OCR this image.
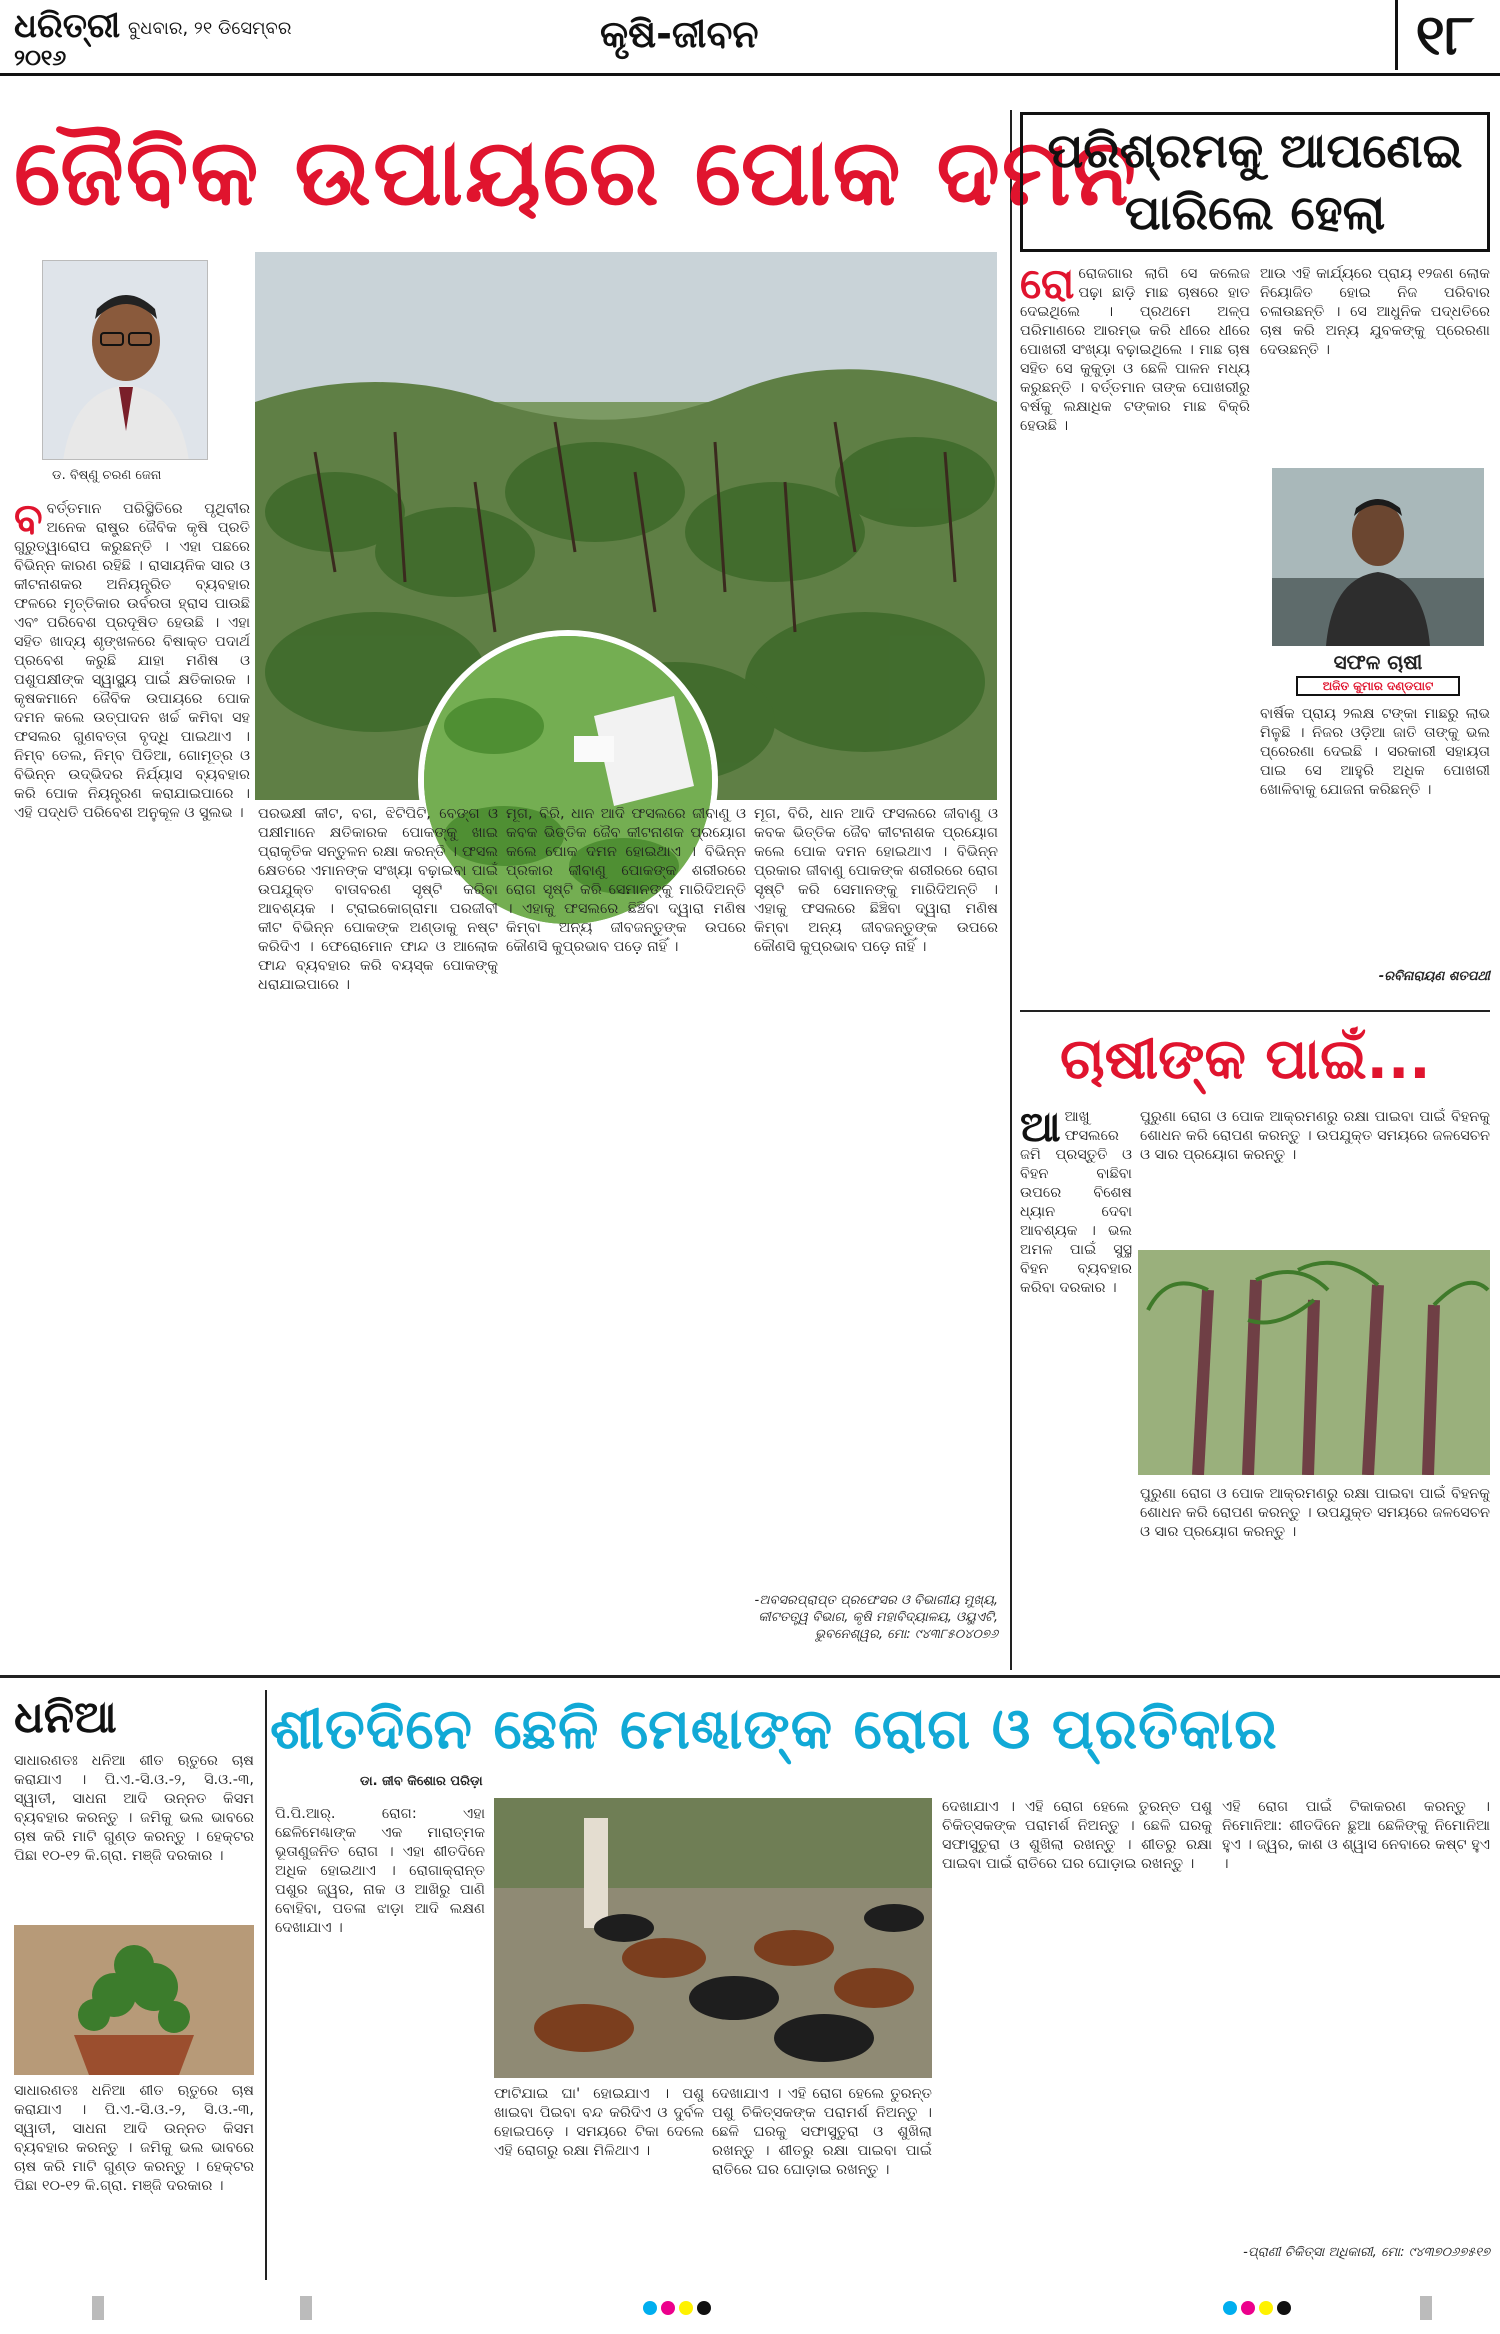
ଧରିତ୍ରୀ
୨୦୧୬
ବୁଧବାର, ୨୧ ଡିସେମ୍ବର	କୃଷି-ଜୀବନ	୧୮
ଜୈବିକ ଉପାୟରେ ପୋକ ଦମନ
ଡ. ବିଷ୍ଣୁ ଚରଣ ଜେନା
ବବର୍ତ୍ତମାନ ପରିସ୍ଥିତିରେ ପୃଥିବୀର ଅନେକ ରାଷ୍ଟ୍ର ଜୈବିକ କୃଷି ପ୍ରତି ଗୁରୁତ୍ୱାରୋପ କରୁଛନ୍ତି । ଏହା ପଛରେ ବିଭିନ୍ନ କାରଣ ରହିଛି । ରାସାୟନିକ ସାର ଓ କୀଟନାଶକର ଅନିୟନ୍ତ୍ରିତ ବ୍ୟବହାର ଫଳରେ ମୃତ୍ତିକାର ଉର୍ବରତା ହ୍ରାସ ପାଉଛି ଏବଂ ପରିବେଶ ପ୍ରଦୂଷିତ ହେଉଛି । ଏହା ସହିତ ଖାଦ୍ୟ ଶୃଙ୍ଖଳରେ ବିଷାକ୍ତ ପଦାର୍ଥ ପ୍ରବେଶ କରୁଛି ଯାହା ମଣିଷ ଓ ପଶୁପକ୍ଷୀଙ୍କ ସ୍ୱାସ୍ଥ୍ୟ ପାଇଁ କ୍ଷତିକାରକ । କୃଷକମାନେ ଜୈବିକ ଉପାୟରେ ପୋକ ଦମନ କଲେ ଉତ୍ପାଦନ ଖର୍ଚ୍ଚ କମିବା ସହ ଫସଲର ଗୁଣବତ୍ତା ବୃଦ୍ଧି ପାଇଥାଏ । ନିମ୍ବ ତେଲ, ନିମ୍ବ ପିଡିଆ, ଗୋମୂତ୍ର ଓ ବିଭିନ୍ନ ଉଦ୍ଭିଦର ନିର୍ଯ୍ୟାସ ବ୍ୟବହାର କରି ପୋକ ନିୟନ୍ତ୍ରଣ କରାଯାଇପାରେ । ଏହି ପଦ୍ଧତି ପରିବେଶ ଅନୁକୂଳ ଓ ସୁଲଭ । ପରଭକ୍ଷୀ କୀଟ, ବଗ, ଝିଟିପିଟି, ବେଙ୍ଗ ଓ ପକ୍ଷୀମାନେ କ୍ଷତିକାରକ ପୋକଙ୍କୁ ଖାଇ ପ୍ରାକୃତିକ ସନ୍ତୁଳନ ରକ୍ଷା କରନ୍ତି । ଫସଲ କ୍ଷେତରେ ଏମାନଙ୍କ ସଂଖ୍ୟା ବଢ଼ାଇବା ପାଇଁ ଉପଯୁକ୍ତ ବାତାବରଣ ସୃଷ୍ଟି କରିବା ଆବଶ୍ୟକ । ଟ୍ରାଇକୋଗ୍ରାମା ପରଜୀବୀ କୀଟ ବିଭିନ୍ନ ପୋକଙ୍କ ଅଣ୍ଡାକୁ ନଷ୍ଟ କରିଦିଏ । ଫେରୋମୋନ ଫାନ୍ଦ ଓ ଆଲୋକ ଫାନ୍ଦ ବ୍ୟବହାର କରି ବୟସ୍କ ପୋକଙ୍କୁ ଧରାଯାଇପାରେ ।
ମୂଗ, ବିରି, ଧାନ ଆଦି ଫସଲରେ ଜୀବାଣୁ ଓ କବକ ଭିତ୍ତିକ ଜୈବ କୀଟନାଶକ ପ୍ରୟୋଗ କଲେ ପୋକ ଦମନ ହୋଇଥାଏ । ବିଭିନ୍ନ ପ୍ରକାର ଜୀବାଣୁ ପୋକଙ୍କ ଶରୀରରେ ରୋଗ ସୃଷ୍ଟି କରି ସେମାନଙ୍କୁ ମାରିଦିଅନ୍ତି । ଏହାକୁ ଫସଲରେ ଛିଞ୍ଚିବା ଦ୍ୱାରା ମଣିଷ କିମ୍ବା ଅନ୍ୟ ଜୀବଜନ୍ତୁଙ୍କ ଉପରେ କୌଣସି କୁପ୍ରଭାବ ପଡ଼େ ନାହିଁ ।
ମୂଗ, ବିରି, ଧାନ ଆଦି ଫସଲରେ ଜୀବାଣୁ ଓ କବକ ଭିତ୍ତିକ ଜୈବ କୀଟନାଶକ ପ୍ରୟୋଗ କଲେ ପୋକ ଦମନ ହୋଇଥାଏ । ବିଭିନ୍ନ ପ୍ରକାର ଜୀବାଣୁ ପୋକଙ୍କ ଶରୀରରେ ରୋଗ ସୃଷ୍ଟି କରି ସେମାନଙ୍କୁ ମାରିଦିଅନ୍ତି । ଏହାକୁ ଫସଲରେ ଛିଞ୍ଚିବା ଦ୍ୱାରା ମଣିଷ କିମ୍ବା ଅନ୍ୟ ଜୀବଜନ୍ତୁଙ୍କ ଉପରେ କୌଣସି କୁପ୍ରଭାବ ପଡ଼େ ନାହିଁ ।
-ଅବସରପ୍ରାପ୍ତ ପ୍ରଫେସର ଓ ବିଭାଗୀୟ ମୁଖ୍ୟ, କୀଟତତ୍ତ୍ୱ ବିଭାଗ, କୃଷି ମହାବିଦ୍ୟାଳୟ, ଓୟୁଏଟି, ଭୁବନେଶ୍ୱର, ମୋ: ୯୪୩୮୫୦୪୦୭୬
ପରିଶ୍ରମକୁ ଆପଣେଇ
ପାରିଲେ ହେଲା
ରୋରୋଜଗାର ଲାଗି ସେ କଲେଜ ପଢ଼ା ଛାଡ଼ି ମାଛ ଚାଷରେ ହାତ ଦେଇଥିଲେ । ପ୍ରଥମେ ଅଳ୍ପ ପରିମାଣରେ ଆରମ୍ଭ କରି ଧୀରେ ଧୀରେ ପୋଖରୀ ସଂଖ୍ୟା ବଢ଼ାଇଥିଲେ । ମାଛ ଚାଷ ସହିତ ସେ କୁକୁଡ଼ା ଓ ଛେଳି ପାଳନ ମଧ୍ୟ କରୁଛନ୍ତି । ବର୍ତ୍ତମାନ ତାଙ୍କ ପୋଖରୀରୁ ବର୍ଷକୁ ଲକ୍ଷାଧିକ ଟଙ୍କାର ମାଛ ବିକ୍ରି ହେଉଛି ।
ଆଉ ଏହି କାର୍ଯ୍ୟରେ ପ୍ରାୟ ୧୨ଜଣ ଲୋକ ନିୟୋଜିତ ହୋଇ ନିଜ ପରିବାର ଚଳାଉଛନ୍ତି । ସେ ଆଧୁନିକ ପଦ୍ଧତିରେ ଚାଷ କରି ଅନ୍ୟ ଯୁବକଙ୍କୁ ପ୍ରେରଣା ଦେଉଛନ୍ତି ।
ସଫଳ ଚାଷୀ
ଅଜିତ କୁମାର ଦଣ୍ଡପାଟ
ବାର୍ଷିକ ପ୍ରାୟ ୨ଲକ୍ଷ ଟଙ୍କା ମାଛରୁ ଲାଭ ମିଳୁଛି । ନିଜର ଓଡ଼ିଆ ଜାତି ତାଙ୍କୁ ଭଲ ପ୍ରେରଣା ଦେଇଛି । ସରକାରୀ ସହାୟତା ପାଇ ସେ ଆହୁରି ଅଧିକ ପୋଖରୀ ଖୋଳିବାକୁ ଯୋଜନା କରିଛନ୍ତି ।
-ରବିନାରାୟଣ ଶତପଥୀ
ଚାଷୀଙ୍କ ପାଇଁ...
ଆଆଖୁ ଫସଲରେ ଜମି ପ୍ରସ୍ତୁତି ଓ ବିହନ ବାଛିବା ଉପରେ ବିଶେଷ ଧ୍ୟାନ ଦେବା ଆବଶ୍ୟକ । ଭଲ ଅମଳ ପାଇଁ ସୁସ୍ଥ ବିହନ ବ୍ୟବହାର କରିବା ଦରକାର ।
ପୁରୁଣା ରୋଗ ଓ ପୋକ ଆକ୍ରମଣରୁ ରକ୍ଷା ପାଇବା ପାଇଁ ବିହନକୁ ଶୋଧନ କରି ରୋପଣ କରନ୍ତୁ । ଉପଯୁକ୍ତ ସମୟରେ ଜଳସେଚନ ଓ ସାର ପ୍ରୟୋଗ କରନ୍ତୁ ।
ପୁରୁଣା ରୋଗ ଓ ପୋକ ଆକ୍ରମଣରୁ ରକ୍ଷା ପାଇବା ପାଇଁ ବିହନକୁ ଶୋଧନ କରି ରୋପଣ କରନ୍ତୁ । ଉପଯୁକ୍ତ ସମୟରେ ଜଳସେଚନ ଓ ସାର ପ୍ରୟୋଗ କରନ୍ତୁ ।
ଧନିଆ
ସାଧାରଣତଃ ଧନିଆ ଶୀତ ଋତୁରେ ଚାଷ କରାଯାଏ । ପି.ଏ.-ସି.ଓ.-୨, ସି.ଓ.-୩, ସ୍ୱାତୀ, ସାଧନା ଆଦି ଉନ୍ନତ କିସମ ବ୍ୟବହାର କରନ୍ତୁ । ଜମିକୁ ଭଲ ଭାବରେ ଚାଷ କରି ମାଟି ଗୁଣ୍ଡ କରନ୍ତୁ । ହେକ୍ଟର ପିଛା ୧୦-୧୨ କି.ଗ୍ରା. ମଞ୍ଜି ଦରକାର ।
ସାଧାରଣତଃ ଧନିଆ ଶୀତ ଋତୁରେ ଚାଷ କରାଯାଏ । ପି.ଏ.-ସି.ଓ.-୨, ସି.ଓ.-୩, ସ୍ୱାତୀ, ସାଧନା ଆଦି ଉନ୍ନତ କିସମ ବ୍ୟବହାର କରନ୍ତୁ । ଜମିକୁ ଭଲ ଭାବରେ ଚାଷ କରି ମାଟି ଗୁଣ୍ଡ କରନ୍ତୁ । ହେକ୍ଟର ପିଛା ୧୦-୧୨ କି.ଗ୍ରା. ମଞ୍ଜି ଦରକାର ।
ଶୀତଦିନେ ଛେଳି ମେଣ୍ଢାଙ୍କ ରୋଗ ଓ ପ୍ରତିକାର
ଡା. ଜୀବ କିଶୋର ପରିଡ଼ା
ପି.ପି.ଆର୍. ରୋଗ: ଏହା ଛେଳିମେଣ୍ଢାଙ୍କ ଏକ ମାରାତ୍ମକ ଭୂତାଣୁଜନିତ ରୋଗ । ଏହା ଶୀତଦିନେ ଅଧିକ ହୋଇଥାଏ । ରୋଗାକ୍ରାନ୍ତ ପଶୁର ଜ୍ୱର, ନାକ ଓ ଆଖିରୁ ପାଣି ବୋହିବା, ପତଳା ଝାଡ଼ା ଆଦି ଲକ୍ଷଣ ଦେଖାଯାଏ ।
ଫାଟିଯାଇ ଘା' ହୋଇଯାଏ । ପଶୁ ଖାଇବା ପିଇବା ବନ୍ଦ କରିଦିଏ ଓ ଦୁର୍ବଳ ହୋଇପଡ଼େ । ସମୟରେ ଟିକା ଦେଲେ ଏହି ରୋଗରୁ ରକ୍ଷା ମିଳିଥାଏ ।
ଦେଖାଯାଏ । ଏହି ରୋଗ ହେଲେ ତୁରନ୍ତ ପଶୁ ଚିକିତ୍ସକଙ୍କ ପରାମର୍ଶ ନିଅନ୍ତୁ । ଛେଳି ଘରକୁ ସଫାସୁତୁରା ଓ ଶୁଖିଲା ରଖନ୍ତୁ । ଶୀତରୁ ରକ୍ଷା ପାଇବା ପାଇଁ ରାତିରେ ଘର ଘୋଡ଼ାଇ ରଖନ୍ତୁ ।
ଦେଖାଯାଏ । ଏହି ରୋଗ ହେଲେ ତୁରନ୍ତ ପଶୁ ଚିକିତ୍ସକଙ୍କ ପରାମର୍ଶ ନିଅନ୍ତୁ । ଛେଳି ଘରକୁ ସଫାସୁତୁରା ଓ ଶୁଖିଲା ରଖନ୍ତୁ । ଶୀତରୁ ରକ୍ଷା ପାଇବା ପାଇଁ ରାତିରେ ଘର ଘୋଡ଼ାଇ ରଖନ୍ତୁ ।
ଏହି ରୋଗ ପାଇଁ ଟିକାକରଣ କରନ୍ତୁ । ନିମୋନିଆ: ଶୀତଦିନେ ଛୁଆ ଛେଳିଙ୍କୁ ନିମୋନିଆ ହୁଏ । ଜ୍ୱର, କାଶ ଓ ଶ୍ୱାସ ନେବାରେ କଷ୍ଟ ହୁଏ ।
-ପ୍ରାଣୀ ଚିକିତ୍ସା ଅଧିକାରୀ, ମୋ: ୯୪୩୭୦୬୭୫୧୭
